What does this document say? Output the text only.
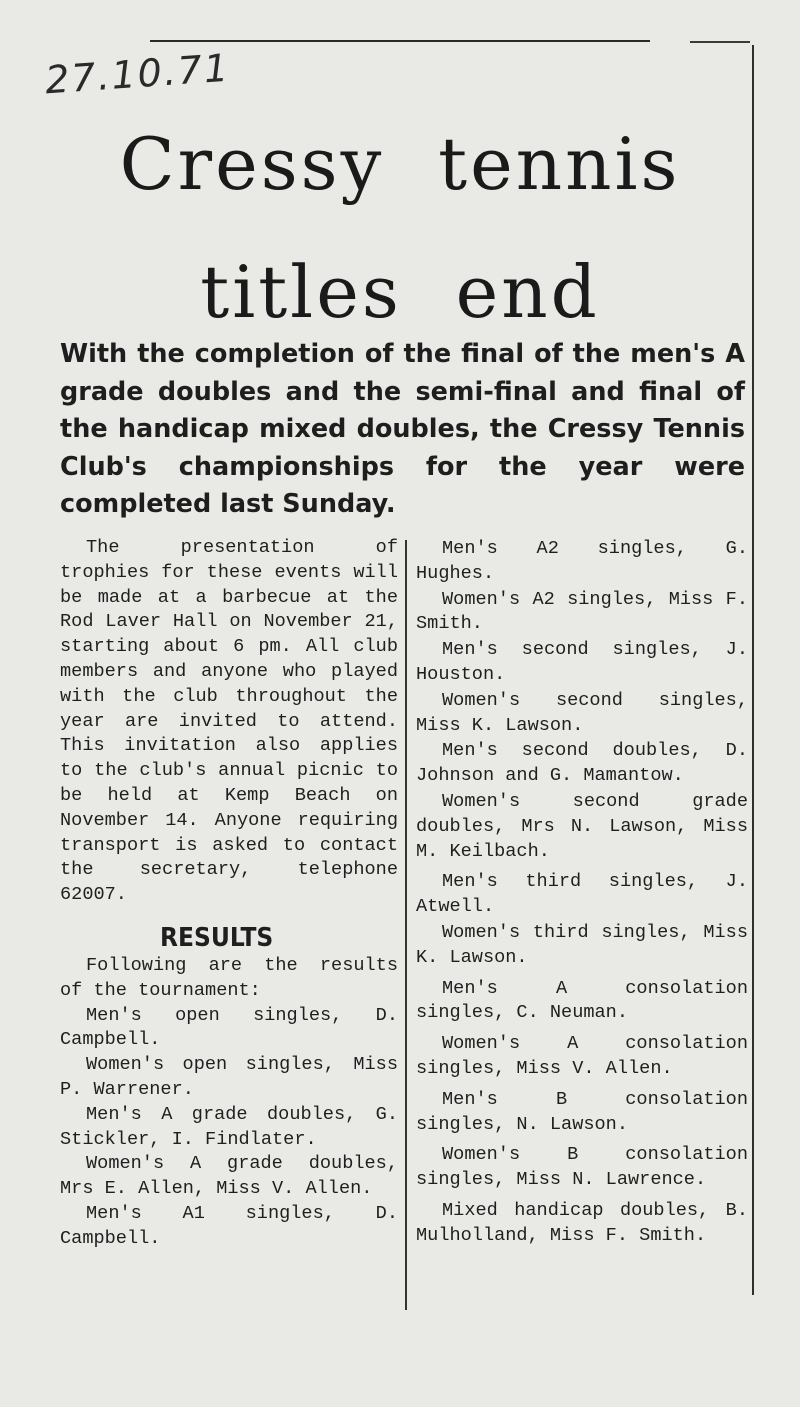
27.10.71
Cressy tennis
titles end
With the completion of the final of the men's A grade doubles and the semi-final and final of the handicap mixed doubles, the Cressy Tennis Club's championships for the year were completed last Sunday.

The presentation of trophies for these events will be made at a barbecue at the Rod Laver Hall on November 21, starting about 6 pm. All club members and anyone who played with the club throughout the year are invited to attend. This invitation also applies to the club's annual picnic to be held at Kemp Beach on November 14. Anyone requiring transport is asked to contact the secretary, telephone 62007.

RESULTS

Following are the results of the tournament:

Men's open singles, D. Campbell.

Women's open singles, Miss P. Warrener.

Men's A grade doubles, G. Stickler, I. Findlater.

Women's A grade doubles, Mrs E. Allen, Miss V. Allen.

Men's A1 singles, D. Campbell.

Men's A2 singles, G. Hughes.

Women's A2 singles, Miss F. Smith.

Men's second singles, J. Houston.

Women's second singles, Miss K. Lawson.

Men's second doubles, D. Johnson and G. Mamantow.

Women's second grade doubles, Mrs N. Lawson, Miss M. Keilbach.

Men's third singles, J. Atwell.

Women's third singles, Miss K. Lawson.

Men's A consolation singles, C. Neuman.

Women's A consolation singles, Miss V. Allen.

Men's B consolation singles, N. Lawson.

Women's B consolation singles, Miss N. Lawrence.

Mixed handicap doubles, B. Mulholland, Miss F. Smith.
